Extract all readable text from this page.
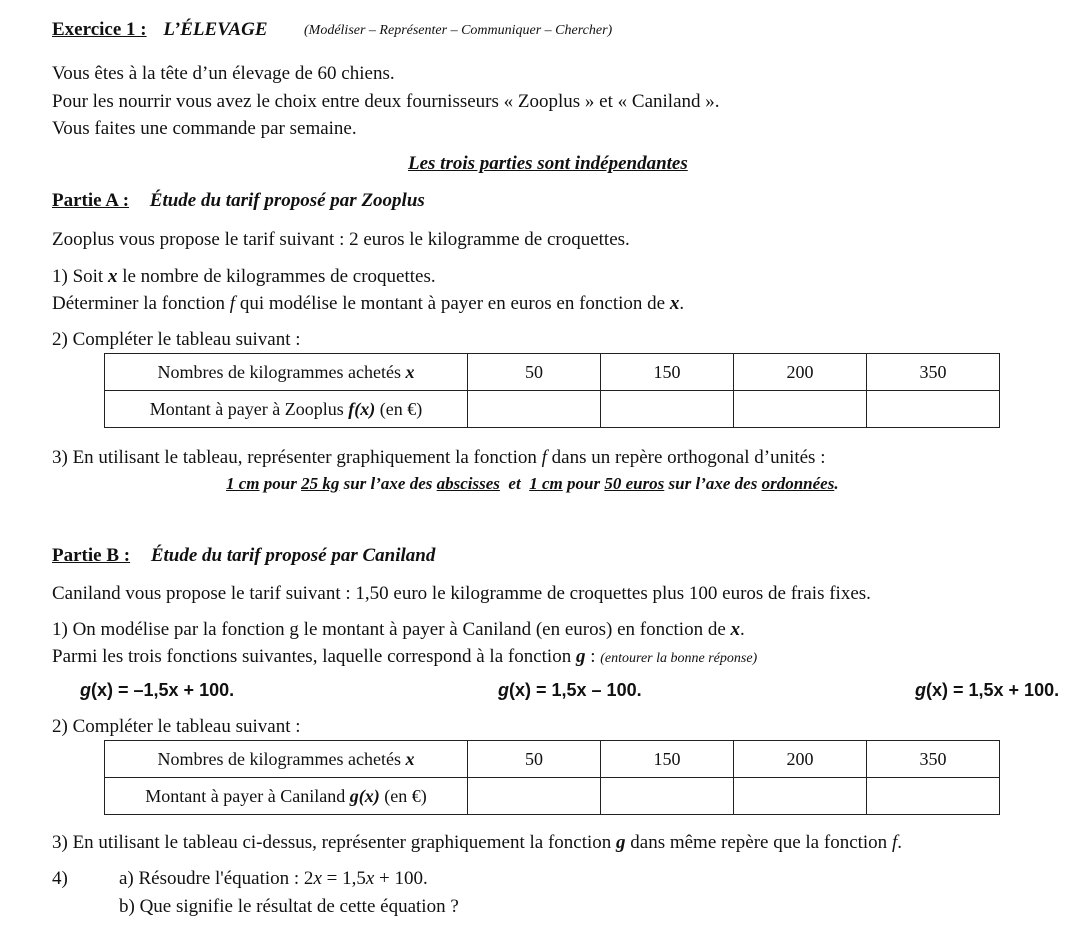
Exercice 1 : L’ÉLEVAGE	(Modéliser – Représenter – Communiquer – Chercher)
Vous êtes à la tête d’un élevage de 60 chiens.
Pour les nourrir vous avez le choix entre deux fournisseurs « Zooplus » et « Caniland ».
Vous faites une commande par semaine.
Les trois parties sont indépendantes
Partie A : Étude du tarif proposé par Zooplus
Zooplus vous propose le tarif suivant : 2 euros le kilogramme de croquettes.
1) Soit x le nombre de kilogrammes de croquettes.
Déterminer la fonction f qui modélise le montant à payer en euros en fonction de x.
2) Compléter le tableau suivant :
Nombres de kilogrammes achetés x	50	150	200	350
Montant à payer à Zooplus f(x) (en €)				
3) En utilisant le tableau, représenter graphiquement la fonction f dans un repère orthogonal d’unités :
1 cm pour 25 kg sur l’axe des abscisses  et  1 cm pour 50 euros sur l’axe des ordonnées.
Partie B : Étude du tarif proposé par Caniland
Caniland vous propose le tarif suivant : 1,50 euro le kilogramme de croquettes plus 100 euros de frais fixes.
1) On modélise par la fonction g le montant à payer à Caniland (en euros) en fonction de x.
Parmi les trois fonctions suivantes, laquelle correspond à la fonction g : (entourer la bonne réponse)
g(x) = –1,5x + 100.	g(x) = 1,5x – 100.	g(x) = 1,5x + 100.
2) Compléter le tableau suivant :
Nombres de kilogrammes achetés x	50	150	200	350
Montant à payer à Caniland g(x) (en €)				
3) En utilisant le tableau ci-dessus, représenter graphiquement la fonction g dans même repère que la fonction f.
4)	a) Résoudre l'équation : 2x = 1,5x + 100.
b) Que signifie le résultat de cette équation ?
